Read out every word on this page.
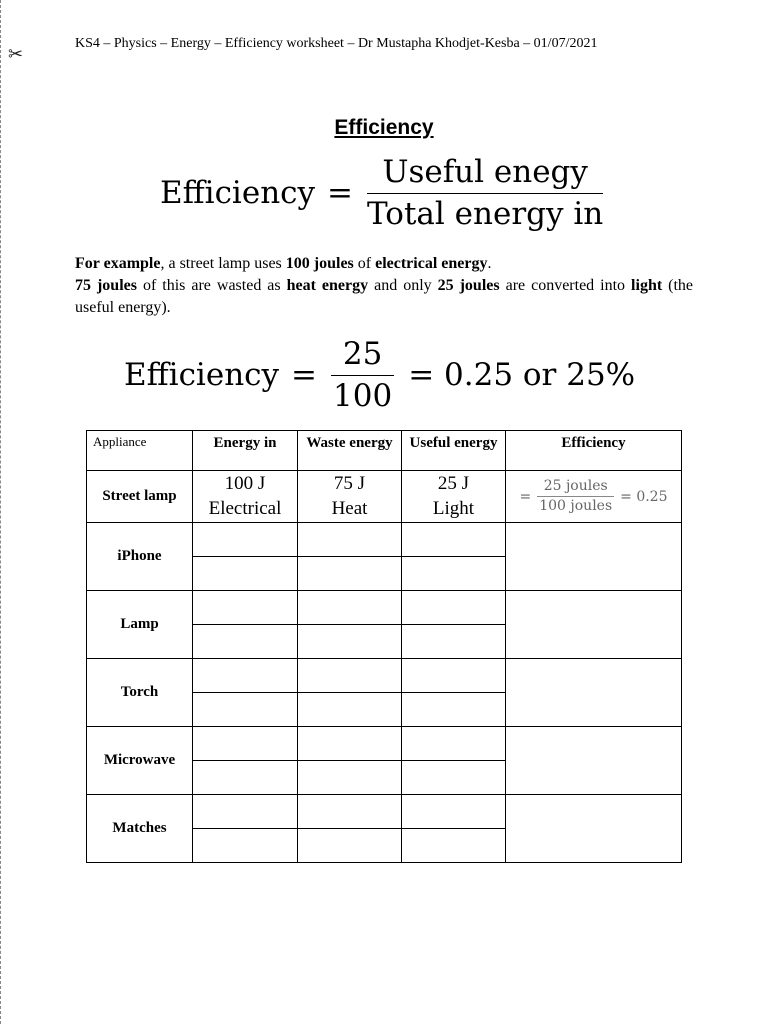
✂
KS4 – Physics – Energy – Efficiency worksheet – Dr Mustapha Khodjet-Kesba – 01/07/2021
Efficiency
Efficiency = $\frac{\text{Useful enegy}}{\text{Total energy in}}$

For example, a street lamp uses 100 joules of electrical energy.

75 joules of this are wasted as heat energy and only 25 joules are converted into light (the useful energy).

Efficiency = $\frac{25}{100} = 0.25$ or 25%
Appliance	Energy in	Waste energy	Useful energy	Efficiency
Street lamp	100 J	75 J	25 J	= $\frac{\text{25 joules}}{\text{100 joules}} = 0.25$

	Electrical	Heat	Light	
iPhone				

Lamp				

Torch				

Microwave				

Matches				
